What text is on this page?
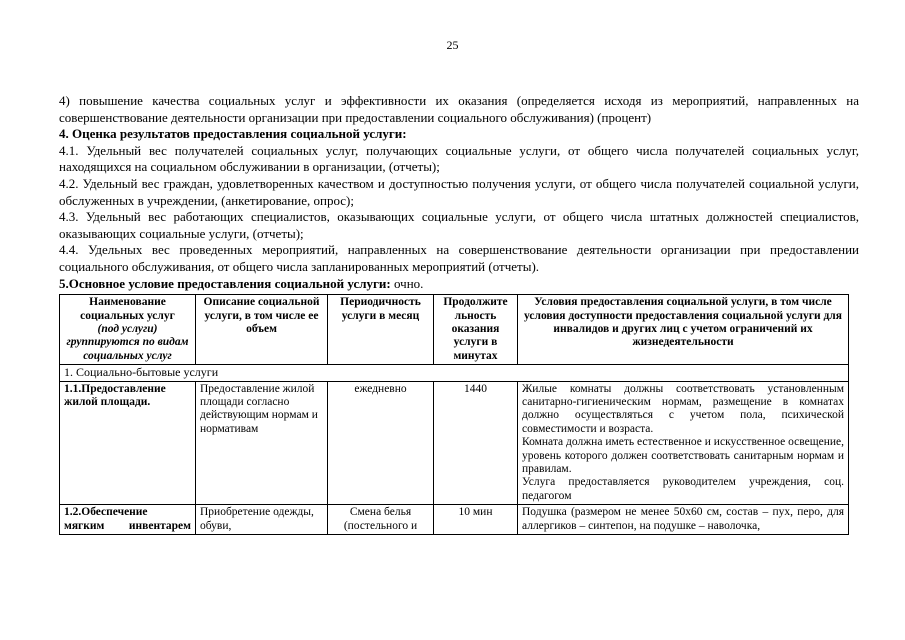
25

4) повышение качества социальных услуг и эффективности их оказания (определяется исходя из мероприятий, направленных на совершенствование деятельности организации при предоставлении социального обслуживания) (процент)

4. Оценка результатов предоставления социальной услуги:

4.1. Удельный вес получателей социальных услуг, получающих социальные услуги, от общего числа получателей социальных услуг, находящихся на социальном обслуживании в организации, (отчеты);

4.2. Удельный вес граждан, удовлетворенных качеством и доступностью получения услуги, от общего числа получателей социальной услуги, обслуженных в учреждении, (анкетирование, опрос);

4.3. Удельный вес работающих специалистов, оказывающих социальные услуги, от общего числа штатных должностей специалистов, оказывающих социальные услуги, (отчеты);

4.4. Удельных вес проведенных мероприятий, направленных на совершенствование деятельности организации при предоставлении социального обслуживания, от общего числа запланированных мероприятий (отчеты).

5.Основное условие предоставления социальной услуги: очно.

Наименование социальных услуг
(под услуги) группируются по видам социальных услуг	Описание социальной услуги, в том числе ее объем	Периодичность услуги в месяц	Продолжите льность оказания услуги в минутах	Условия предоставления социальной услуги, в том числе условия доступности предоставления социальной услуги для инвалидов и других лиц с учетом ограничений их жизнедеятельности
1. Социально-бытовые услуги				
1.1.Предоставление жилой площади.	Предоставление жилой площади согласно действующим нормам и нормативам	ежедневно	1440	Жилые комнаты должны соответствовать установленным санитарно-гигиеническим нормам, размещение в комнатах должно осуществляться с учетом пола, психической совместимости и возраста.
Комната должна иметь естественное и искусственное освещение, уровень которого должен соответствовать санитарным нормам и правилам.
Услуга предоставляется руководителем учреждения, соц. педагогом

1.2.Обеспечение
мягким инвентарем	Приобретение одежды, обуви,	Смена белья (постельного и	10 мин	Подушка (размером не менее 50х60 см, состав – пух, перо, для аллергиков – синтепон, на подушке – наволочка,
